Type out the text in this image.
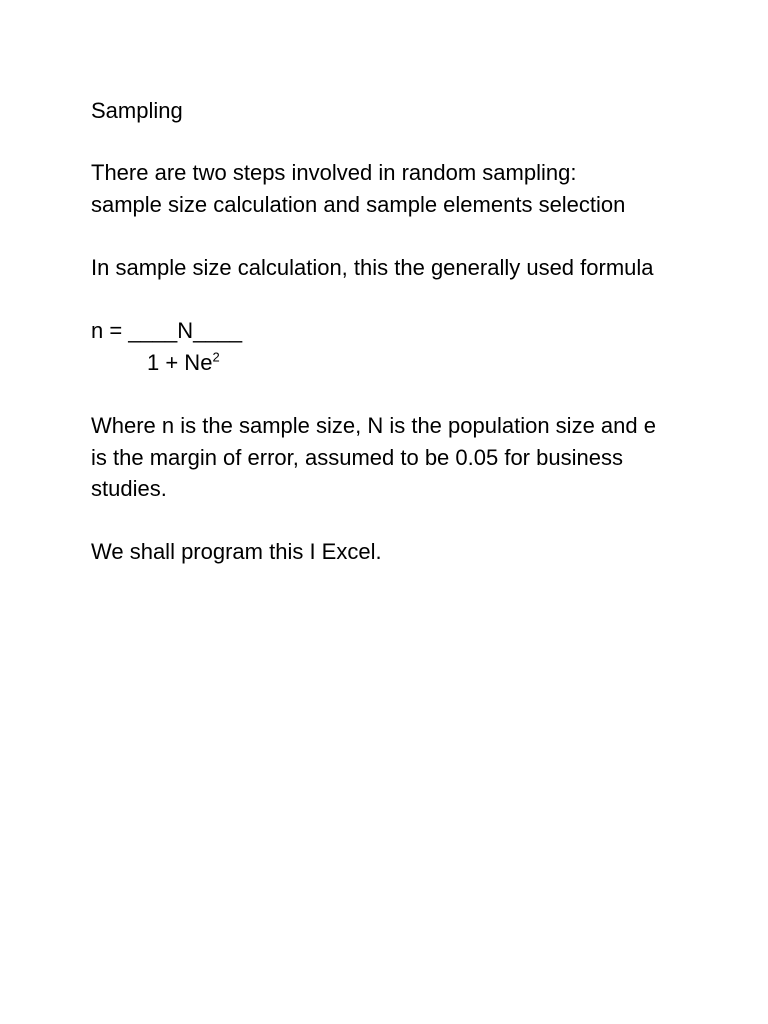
Sampling
There are two steps involved in random sampling:
sample size calculation and sample elements selection
In sample size calculation, this the generally used formula
n = ____N____
$1 + Ne^2$
Where n is the sample size, N is the population size and e
is the margin of error, assumed to be 0.05 for business
studies.
We shall program this I Excel.
